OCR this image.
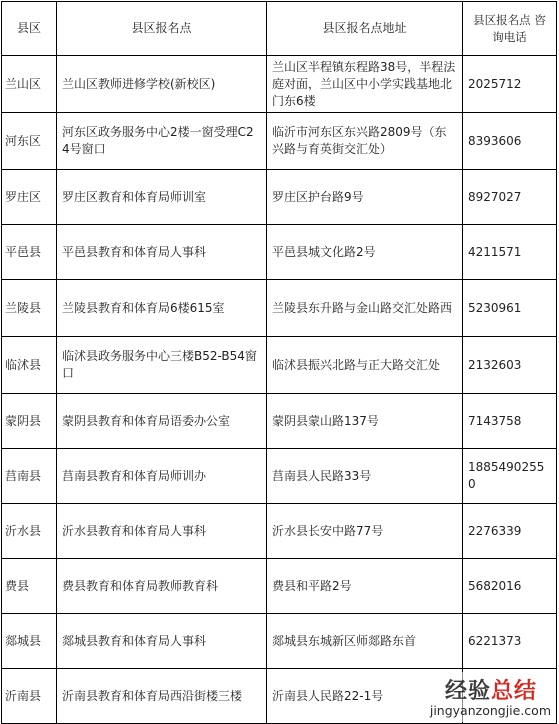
县区	县区报名点	县区报名点地址	县区报名点 咨询电话
兰山区	兰山区教师进修学校(新校区)	兰山区半程镇东程路38号，半程法庭对面，兰山区中小学实践基地北门东6楼	2025712
河东区	河东区政务服务中心2楼一窗受理C24号窗口	临沂市河东区东兴路2809号（东兴路与育英街交汇处）	8393606
罗庄区	罗庄区教育和体育局师训室	罗庄区护台路9号	8927027
平邑县	平邑县教育和体育局人事科	平邑县城文化路2号	4211571
兰陵县	兰陵县教育和体育局6楼615室	兰陵县东升路与金山路交汇处路西	5230961
临沭县	临沭县政务服务中心三楼B52-B54窗口	临沭县振兴北路与正大路交汇处	2132603
蒙阴县	蒙阴县教育和体育局语委办公室	蒙阴县蒙山路137号	7143758
莒南县	莒南县教育和体育局师训办	莒南县人民路33号	18854902550
沂水县	沂水县教育和体育局人事科	沂水县长安中路77号	2276339
费县	费县教育和体育局教师教育科	费县和平路2号	5682016
郯城县	郯城县教育和体育局人事科	郯城县东城新区师郯路东首	6221373
沂南县	沂南县教育和体育局西沿街楼三楼	沂南县人民路22-1号		经验总结
jingyanzongjie.com
